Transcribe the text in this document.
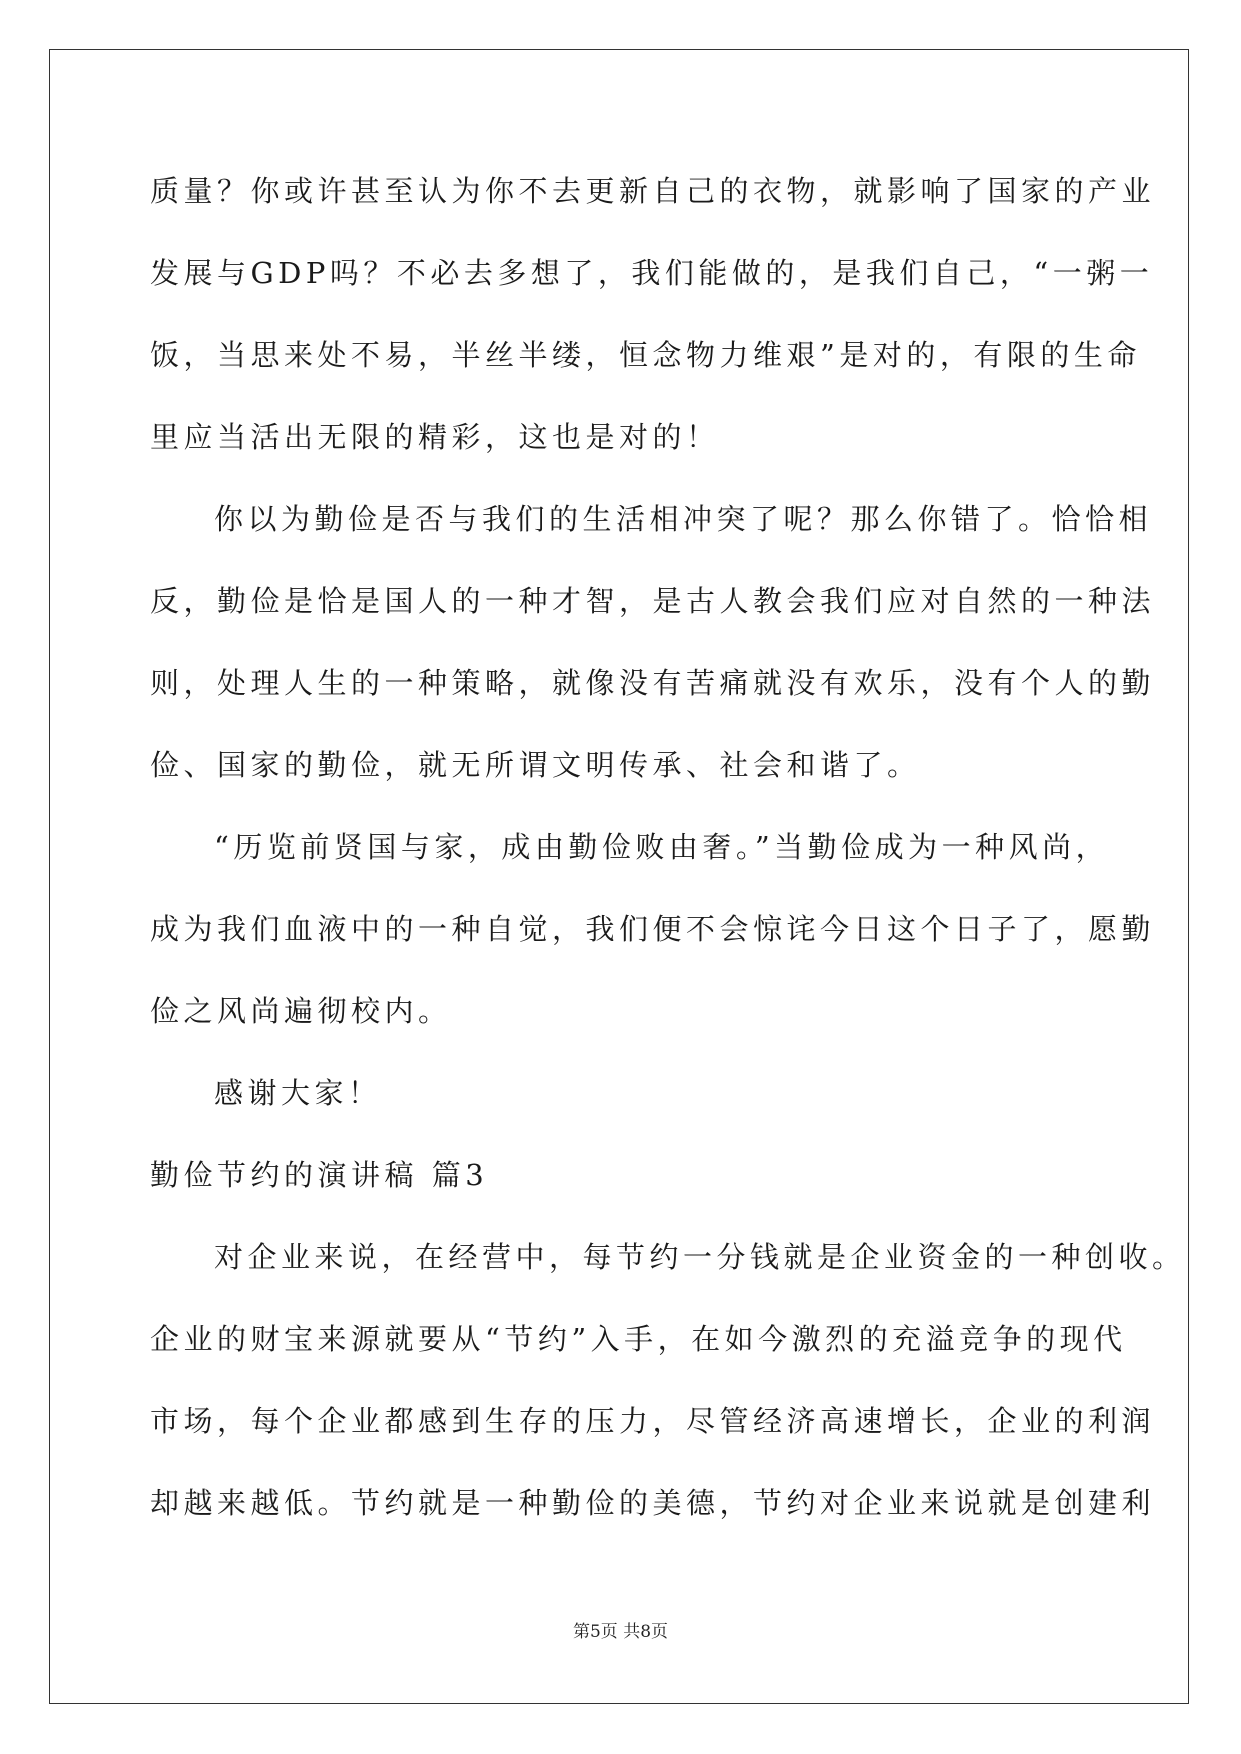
质量？你或许甚至认为你不去更新自己的衣物，就影响了国家的产业
发展与GDP吗？不必去多想了，我们能做的，是我们自己，“一粥一
饭，当思来处不易，半丝半缕，恒念物力维艰”是对的，有限的生命
里应当活出无限的精彩，这也是对的！
你以为勤俭是否与我们的生活相冲突了呢？那么你错了。恰恰相
反，勤俭是恰是国人的一种才智，是古人教会我们应对自然的一种法
则，处理人生的一种策略，就像没有苦痛就没有欢乐，没有个人的勤
俭、国家的勤俭，就无所谓文明传承、社会和谐了。
“历览前贤国与家，成由勤俭败由奢。”当勤俭成为一种风尚，
成为我们血液中的一种自觉，我们便不会惊诧今日这个日子了，愿勤
俭之风尚遍彻校内。
感谢大家！
勤俭节约的演讲稿 篇3
对企业来说，在经营中，每节约一分钱就是企业资金的一种创收。
企业的财宝来源就要从“节约”入手，在如今激烈的充溢竞争的现代
市场，每个企业都感到生存的压力，尽管经济高速增长，企业的利润
却越来越低。节约就是一种勤俭的美德，节约对企业来说就是创建利
第5页 共8页
